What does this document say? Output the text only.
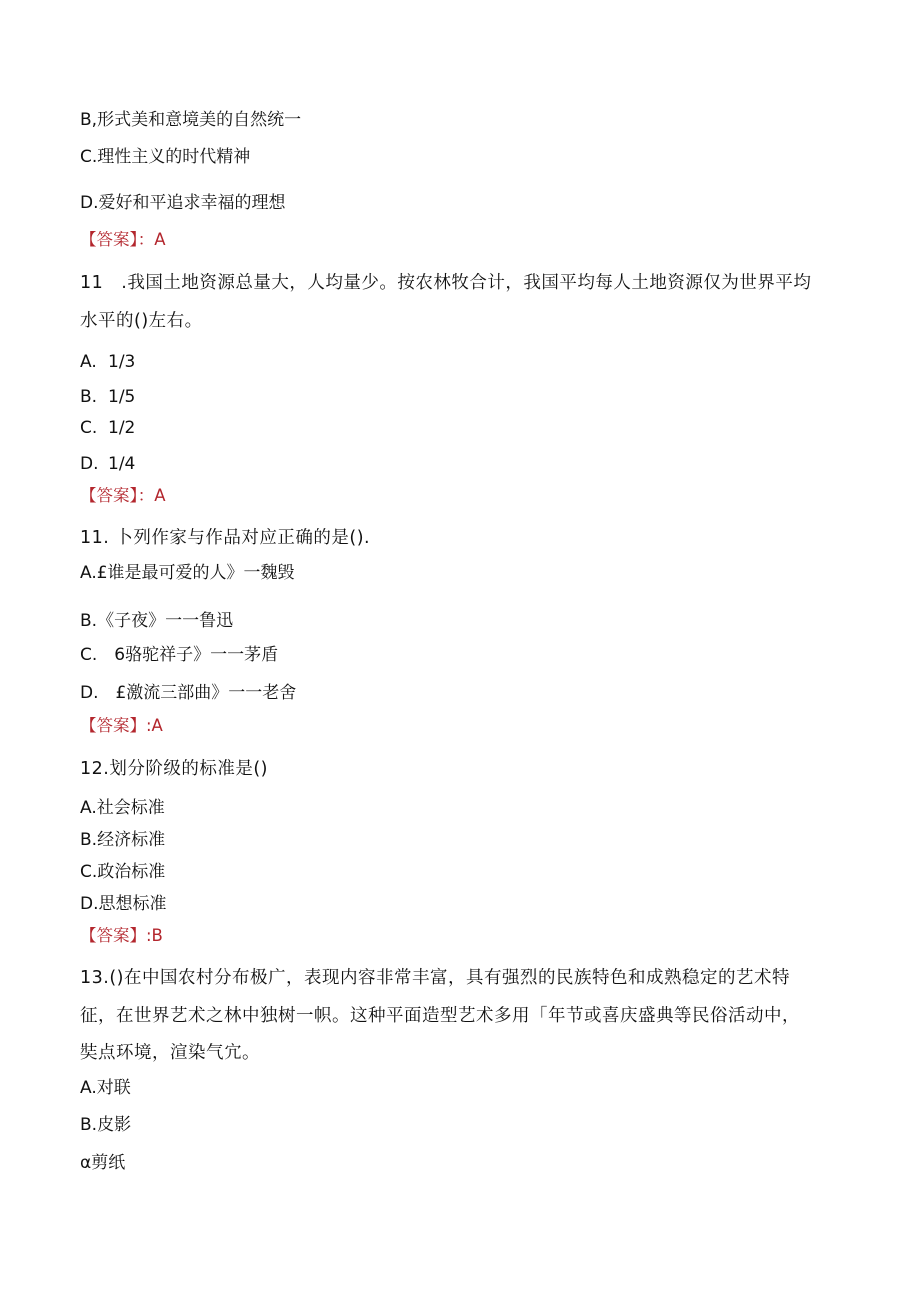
B,形式美和意境美的自然统一
C.理性主义的时代精神
D.爱好和平追求幸福的理想
【答案】：A
11　.我国土地资源总量大，人均量少。按农林牧合计，我国平均每人土地资源仅为世界平均
水平的()左右。
A. 1/3
B. 1/5
C. 1/2
D. 1/4
【答案】：A
11. 卜列作家与作品对应正确的是().
A.£谁是最可爱的人》一魏毁
B.《子夜》一一鲁迅
C.　6骆驼祥子》一一茅盾
D.　£激流三部曲》一一老舍
【答案】:A
12.划分阶级的标准是()
A.社会标准
B.经济标准
C.政治标准
D.思想标准
【答案】:B
13.()在中国农村分布极广，表现内容非常丰富，具有强烈的民族特色和成熟稳定的艺术特
征，在世界艺术之林中独树一帜。这种平面造型艺术多用「年节或喜庆盛典等民俗活动中，
奘点环境，渲染气宂。
A.对联
B.皮影
α剪纸
